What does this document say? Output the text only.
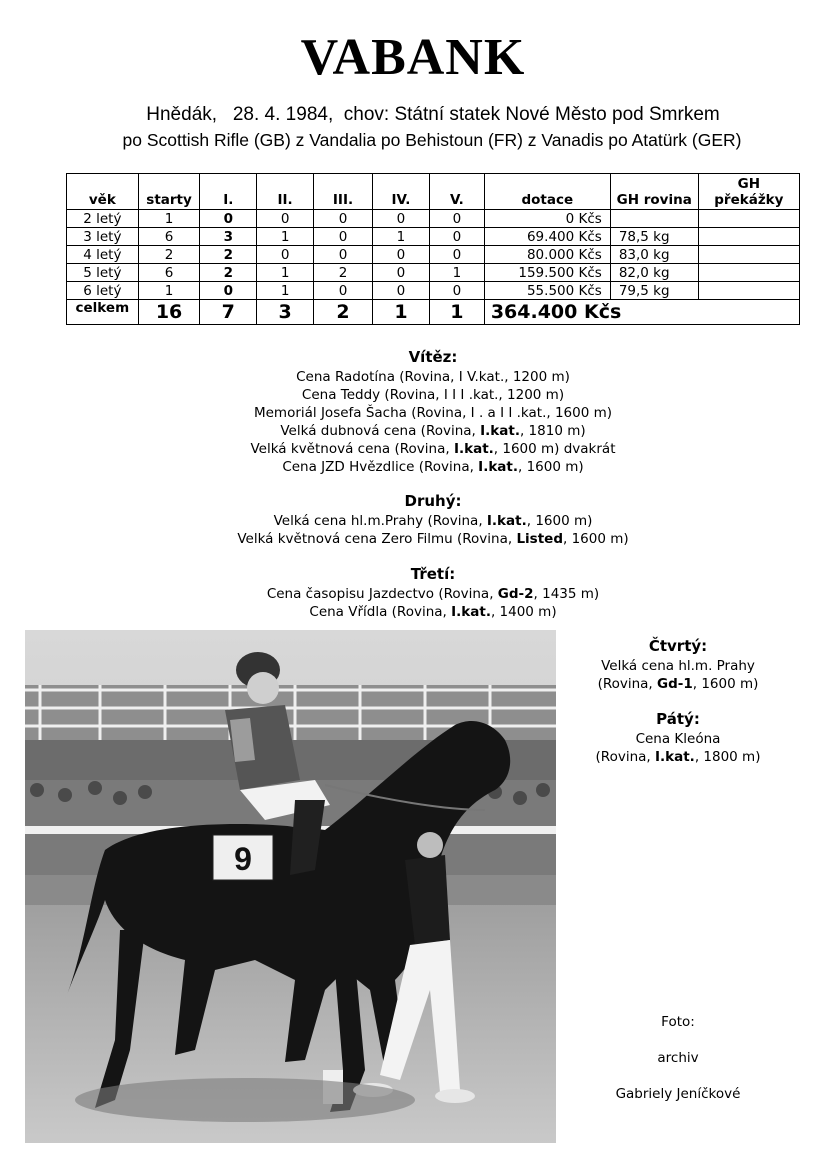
VABANK
Hnědák,   28. 4. 1984,  chov: Státní statek Nové Město pod Smrkem
po Scottish Rifle (GB) z Vandalia po Behistoun (FR) z Vanadis po Atatürk (GER)
věk	starty	I.	II.	III.	IV.	V.	dotace	GH rovina	GH překážky
2 letý	1	0	0	0	0	0	0 Kčs		
3 letý	6	3	1	0	1	0	69.400 Kčs	78,5 kg	
4 letý	2	2	0	0	0	0	80.000 Kčs	83,0 kg	
5 letý	6	2	1	2	0	1	159.500 Kčs	82,0 kg	
6 letý	1	0	1	0	0	0	55.500 Kčs	79,5 kg	
celkem	16	7	3	2	1	1	364.400 Kčs		
Vítěz:
Cena Radotína (Rovina, I V.kat., 1200 m)
Cena Teddy (Rovina, I I I .kat., 1200 m)
Memoriál Josefa Šacha (Rovina, I . a I I .kat., 1600 m)
Velká dubnová cena (Rovina, I.kat., 1810 m)
Velká květnová cena (Rovina, I.kat., 1600 m) dvakrát
Cena JZD Hvězdlice (Rovina, I.kat., 1600 m)
Druhý:
Velká cena hl.m.Prahy (Rovina, I.kat., 1600 m)
Velká květnová cena Zero Filmu (Rovina, Listed, 1600 m)
Třetí:
Cena časopisu Jazdectvo (Rovina, Gd-2, 1435 m)
Cena Vřídla (Rovina, I.kat., 1400 m)
Čtvrtý:
Velká cena hl.m. Prahy
(Rovina, Gd-1, 1600 m)
Pátý:
Cena Kleóna
(Rovina, I.kat., 1800 m)
9
Foto:
archiv
Gabriely Jeníčkové
